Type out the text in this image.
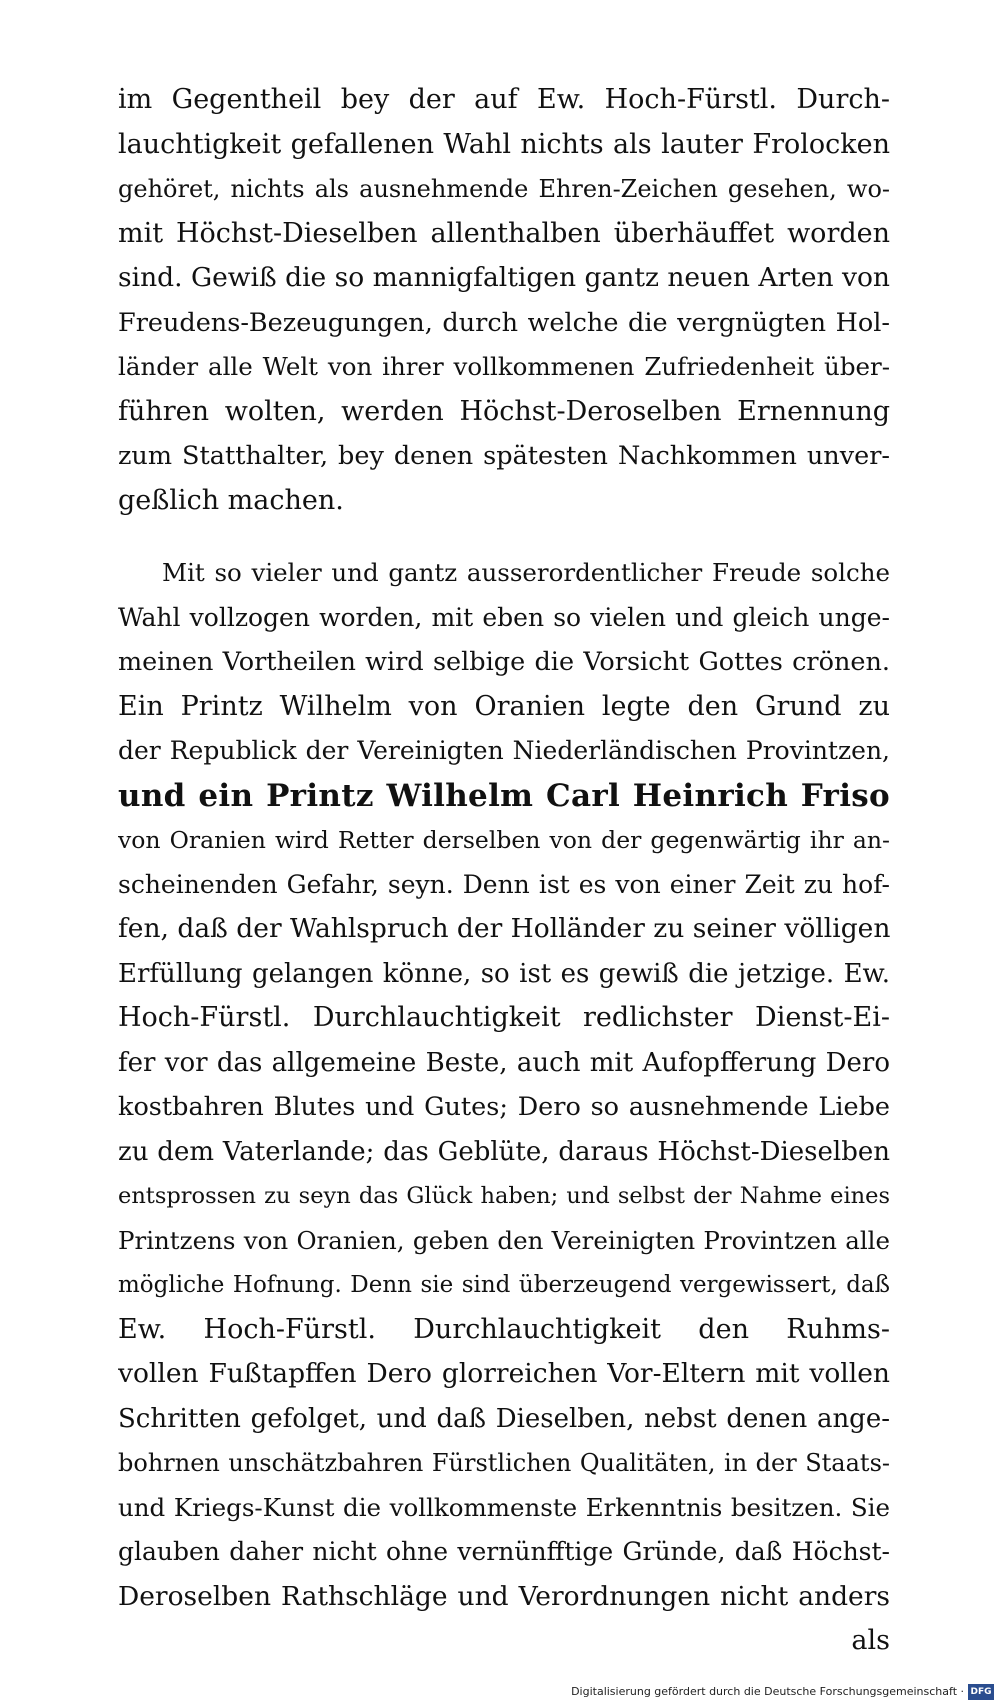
im Gegentheil bey der auf Ew. Hoch-Fürstl. Durch-
lauchtigkeit gefallenen Wahl nichts als lauter Frolocken
gehöret, nichts als ausnehmende Ehren-Zeichen gesehen, wo-
mit Höchst-Dieselben allenthalben überhäuffet worden
sind. Gewiß die so mannigfaltigen gantz neuen Arten von
Freudens-Bezeugungen, durch welche die vergnügten Hol-
länder alle Welt von ihrer vollkommenen Zufriedenheit über-
führen wolten, werden Höchst-Deroselben Ernennung
zum Statthalter, bey denen spätesten Nachkommen unver-
geßlich machen.
Mit so vieler und gantz ausserordentlicher Freude solche
Wahl vollzogen worden, mit eben so vielen und gleich unge-
meinen Vortheilen wird selbige die Vorsicht Gottes crönen.
Ein Printz Wilhelm von Oranien legte den Grund zu
der Republick der Vereinigten Niederländischen Provintzen,
und ein Printz Wilhelm Carl Heinrich Friso
von Oranien wird Retter derselben von der gegenwärtig ihr an-
scheinenden Gefahr, seyn. Denn ist es von einer Zeit zu hof-
fen, daß der Wahlspruch der Holländer zu seiner völligen
Erfüllung gelangen könne, so ist es gewiß die jetzige. Ew.
Hoch-Fürstl. Durchlauchtigkeit redlichster Dienst-Ei-
fer vor das allgemeine Beste, auch mit Aufopfferung Dero
kostbahren Blutes und Gutes; Dero so ausnehmende Liebe
zu dem Vaterlande; das Geblüte, daraus Höchst-Dieselben
entsprossen zu seyn das Glück haben; und selbst der Nahme eines
Printzens von Oranien, geben den Vereinigten Provintzen alle
mögliche Hofnung. Denn sie sind überzeugend vergewissert, daß
Ew. Hoch-Fürstl. Durchlauchtigkeit den Ruhms-
vollen Fußtapffen Dero glorreichen Vor-Eltern mit vollen
Schritten gefolget, und daß Dieselben, nebst denen ange-
bohrnen unschätzbahren Fürstlichen Qualitäten, in der Staats-
und Kriegs-Kunst die vollkommenste Erkenntnis besitzen. Sie
glauben daher nicht ohne vernünfftige Gründe, daß Höchst-
Deroselben Rathschläge und Verordnungen nicht anders
als
Digitalisierung gefördert durch die Deutsche Forschungsgemeinschaft · DFG
